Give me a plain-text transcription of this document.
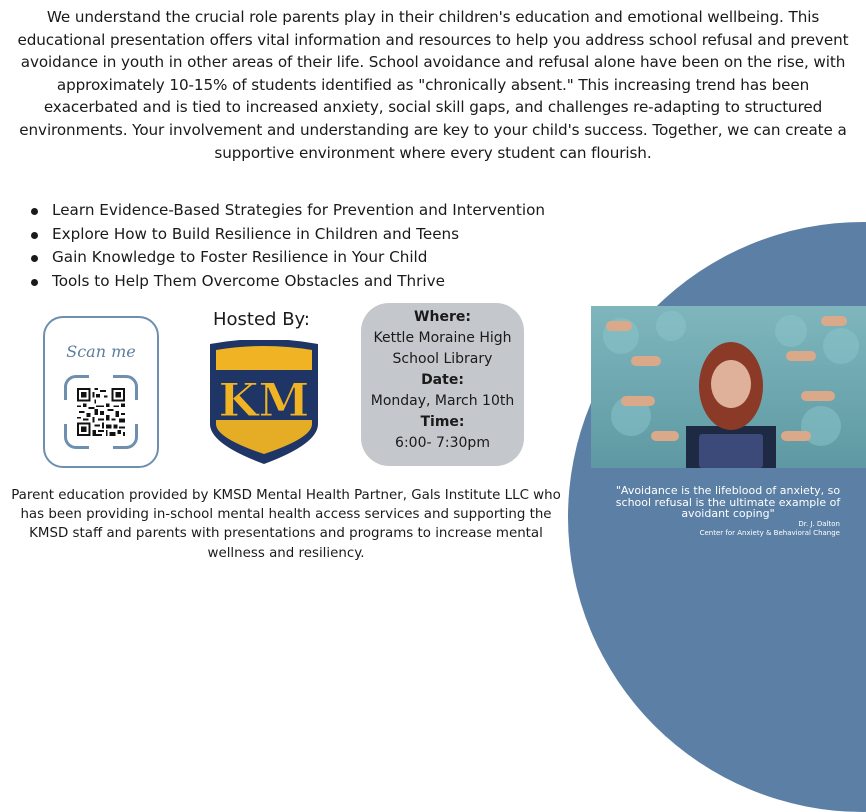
We understand the crucial role parents play in their children's education and emotional wellbeing. This educational presentation offers vital information and resources to help you address school refusal and prevent avoidance in youth in other areas of their life. School avoidance and refusal alone have been on the rise, with approximately 10-15% of students identified as "chronically absent." This increasing trend has been exacerbated and is tied to increased anxiety, social skill gaps, and challenges re-adapting to structured environments. Your involvement and understanding are key to your child's success. Together, we can create a supportive environment where every student can flourish.
Learn Evidence-Based Strategies for Prevention and Intervention
Explore How to Build Resilience in Children and Teens
Gain Knowledge to Foster Resilience in Your Child
Tools to Help Them Overcome Obstacles and Thrive
Scan me
Hosted By:
KM
Where:
Kettle Moraine High School Library
Date:
Monday, March 10th
Time:
6:00- 7:30pm
Parent education provided by KMSD Mental Health Partner, Gals Institute LLC who has been providing in-school mental health access services and supporting the KMSD staff and parents with presentations and programs to increase mental wellness and resiliency.
"Avoidance is the lifeblood of anxiety, so school refusal is the ultimate example of avoidant coping"
Dr. J. Dalton
Center for Anxiety & Behavioral Change
